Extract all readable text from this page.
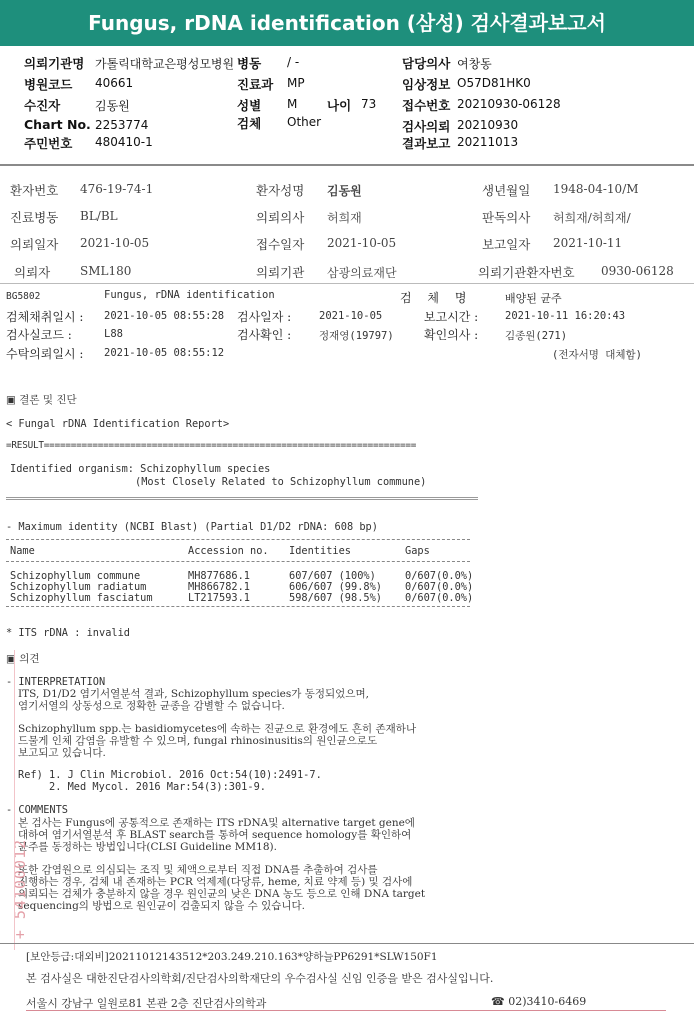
Fungus, rDNA identification (삼성) 검사결과보고서
의뢰기관명 가톨릭대학교은평성모병원 병동 / -	담당의사 여창동
병원코드 40661	진료과 MP	임상정보 O57D81HK0
수진자	김동원	성별 M 나이 73 접수번호 20210930-06128
Chart No. 2253774	검체 Other	검사의뢰 20210930
주민번호 480410-1	결과보고 20211013
환자번호 476-19-74-1	환자성명 김동원	생년월일 1948-04-10/M
진료병동 BL/BL	의뢰의사 허희재	판독의사 허희재/허희재/
의뢰일자 2021-10-05	접수일자 2021-10-05	보고일자 2021-10-11
의뢰자 SML180	의뢰기관 삼광의료재단	의뢰기관환자번호 0930-06128
BG5802	Fungus, rDNA identification	검 체 명	배양된 균주
검체채취일시 : 2021-10-05 08:55:28 검사일자 :	2021-10-05	보고시간 :	2021-10-11 16:20:43
검사실코드 :	L88	검사확인 :	정재영(19797)	확인의사 :	김종원(271)
수탁의뢰일시 : 2021-10-05 08:55:12	(전자서명 대체함)
▣ 결론 및 진단
< Fungal rDNA Identification Report>
=RESULT=====================================================================
Identified organism: Schizophyllum species
(Most Closely Related to Schizophyllum commune)
- Maximum identity (NCBI Blast) (Partial D1/D2 rDNA: 608 bp)
Name	Accession no. Identities	Gaps
Schizophyllum commune	MH877686.1	607/607 (100%)	0/607(0.0%)
Schizophyllum radiatum	MH866782.1	606/607 (99.8%) 0/607(0.0%)
Schizophyllum fasciatum	LT217593.1	598/607 (98.5%) 0/607(0.0%)
* ITS rDNA : invalid
▣ 의견
- INTERPRETATION
ITS, D1/D2 염기서열분석 결과, Schizophyllum species가 동정되었으며,
염기서열의 상동성으로 정확한 균종을 감별할 수 없습니다.
Schizophyllum spp.는 basidiomycetes에 속하는 진균으로 환경에도 흔히 존재하나
드물게 인체 감염을 유발할 수 있으며, fungal rhinosinusitis의 원인균으로도
보고되고 있습니다.
Ref) 1. J Clin Microbiol. 2016 Oct:54(10):2491-7.
2. Med Mycol. 2016 Mar:54(3):301-9.
- COMMENTS
본 검사는 Fungus에 공통적으로 존재하는 ITS rDNA및 alternative target gene에
대하여 염기서열분석 후 BLAST search를 통하여 sequence homology를 확인하여
균주를 동정하는 방법입니다(CLSI Guideline MM18).
또한 감염원으로 의심되는 조직 및 체액으로부터 직접 DNA를 추출하여 검사를
진행하는 경우, 검체 내 존재하는 PCR 억제제(다당류, heme, 치료 약제 등) 및 검사에
의뢰되는 검체가 충분하지 않을 경우 원인균의 낮은 DNA 농도 등으로 인해 DNA target
sequencing의 방법으로 원인균이 검출되지 않을 수 있습니다.
+ 54100012
[보안등급:대외비]20211012143512*203.249.210.163*양하늘PP6291*SLW150F1
본 검사실은 대한진단검사의학회/진단검사의학재단의 우수검사실 신임 인증을 받은 검사실입니다.
서울시 강남구 일원로81 본관 2층 진단검사의학과	☎ 02)3410-6469
